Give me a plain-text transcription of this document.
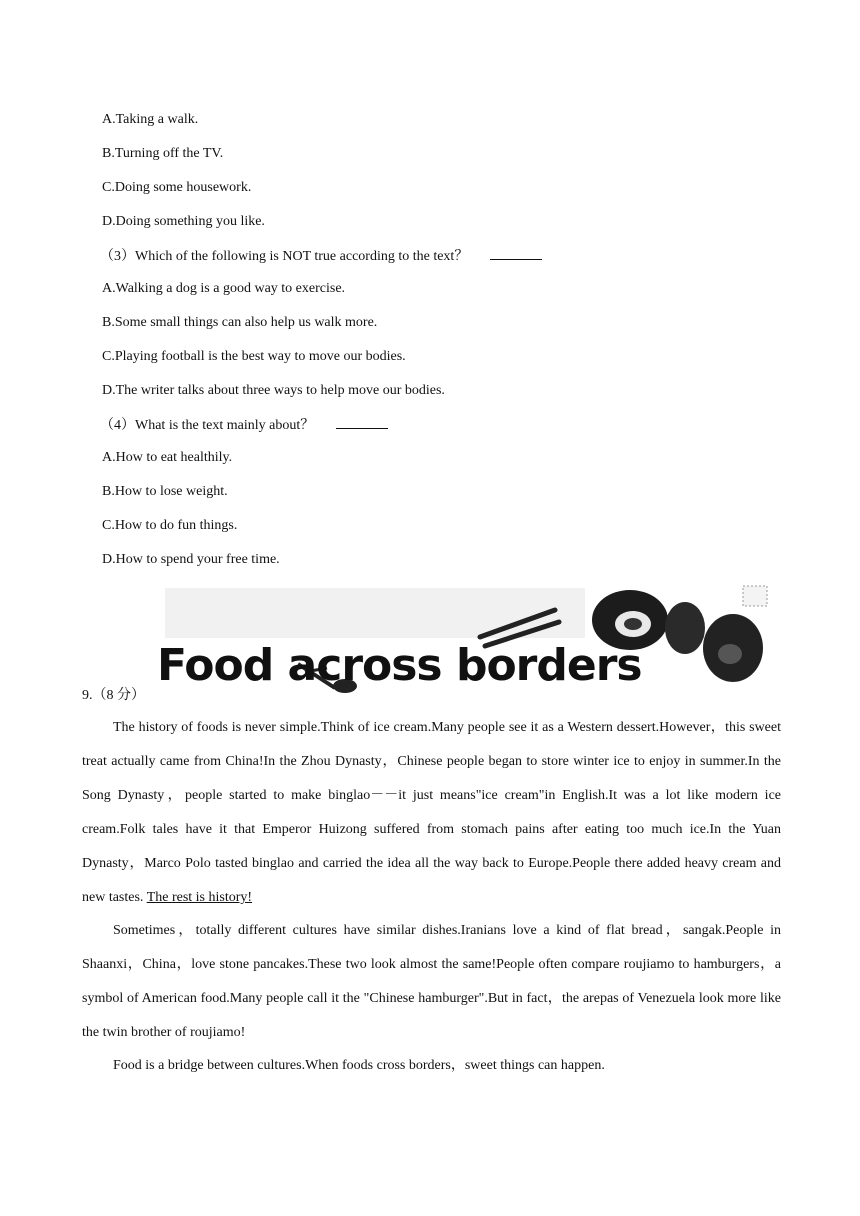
A.Taking a walk.
B.Turning off the TV.
C.Doing some housework.
D.Doing something you like.
（3）Which of the following is NOT true according to the text？
A.Walking a dog is a good way to exercise.
B.Some small things can also help us walk more.
C.Playing football is the best way to move our bodies.
D.The writer talks about three ways to help move our bodies.
（4）What is the text mainly about？
A.How to eat healthily.
B.How to lose weight.
C.How to do fun things.
D.How to spend your free time.
Food across borders
9.（8 分）
The history of foods is never simple.Think of ice cream.Many people see it as a Western dessert.However，this sweet treat actually came from China!In the Zhou Dynasty，Chinese people began to store winter ice to enjoy in summer.In the Song Dynasty，people started to make binglao－－it just means"ice cream"in English.It was a lot like modern ice cream.Folk tales have it that Emperor Huizong suffered from stomach pains after eating too much ice.In the Yuan Dynasty，Marco Polo tasted binglao and carried the idea all the way back to Europe.People there added heavy cream and new tastes. The rest is history!
Sometimes，totally different cultures have similar dishes.Iranians love a kind of flat bread，sangak.People in Shaanxi，China，love stone pancakes.These two look almost the same!People often compare roujiamo to hamburgers，a symbol of American food.Many people call it the "Chinese hamburger".But in fact，the arepas of Venezuela look more like the twin brother of roujiamo!
Food is a bridge between cultures.When foods cross borders，sweet things can happen.
